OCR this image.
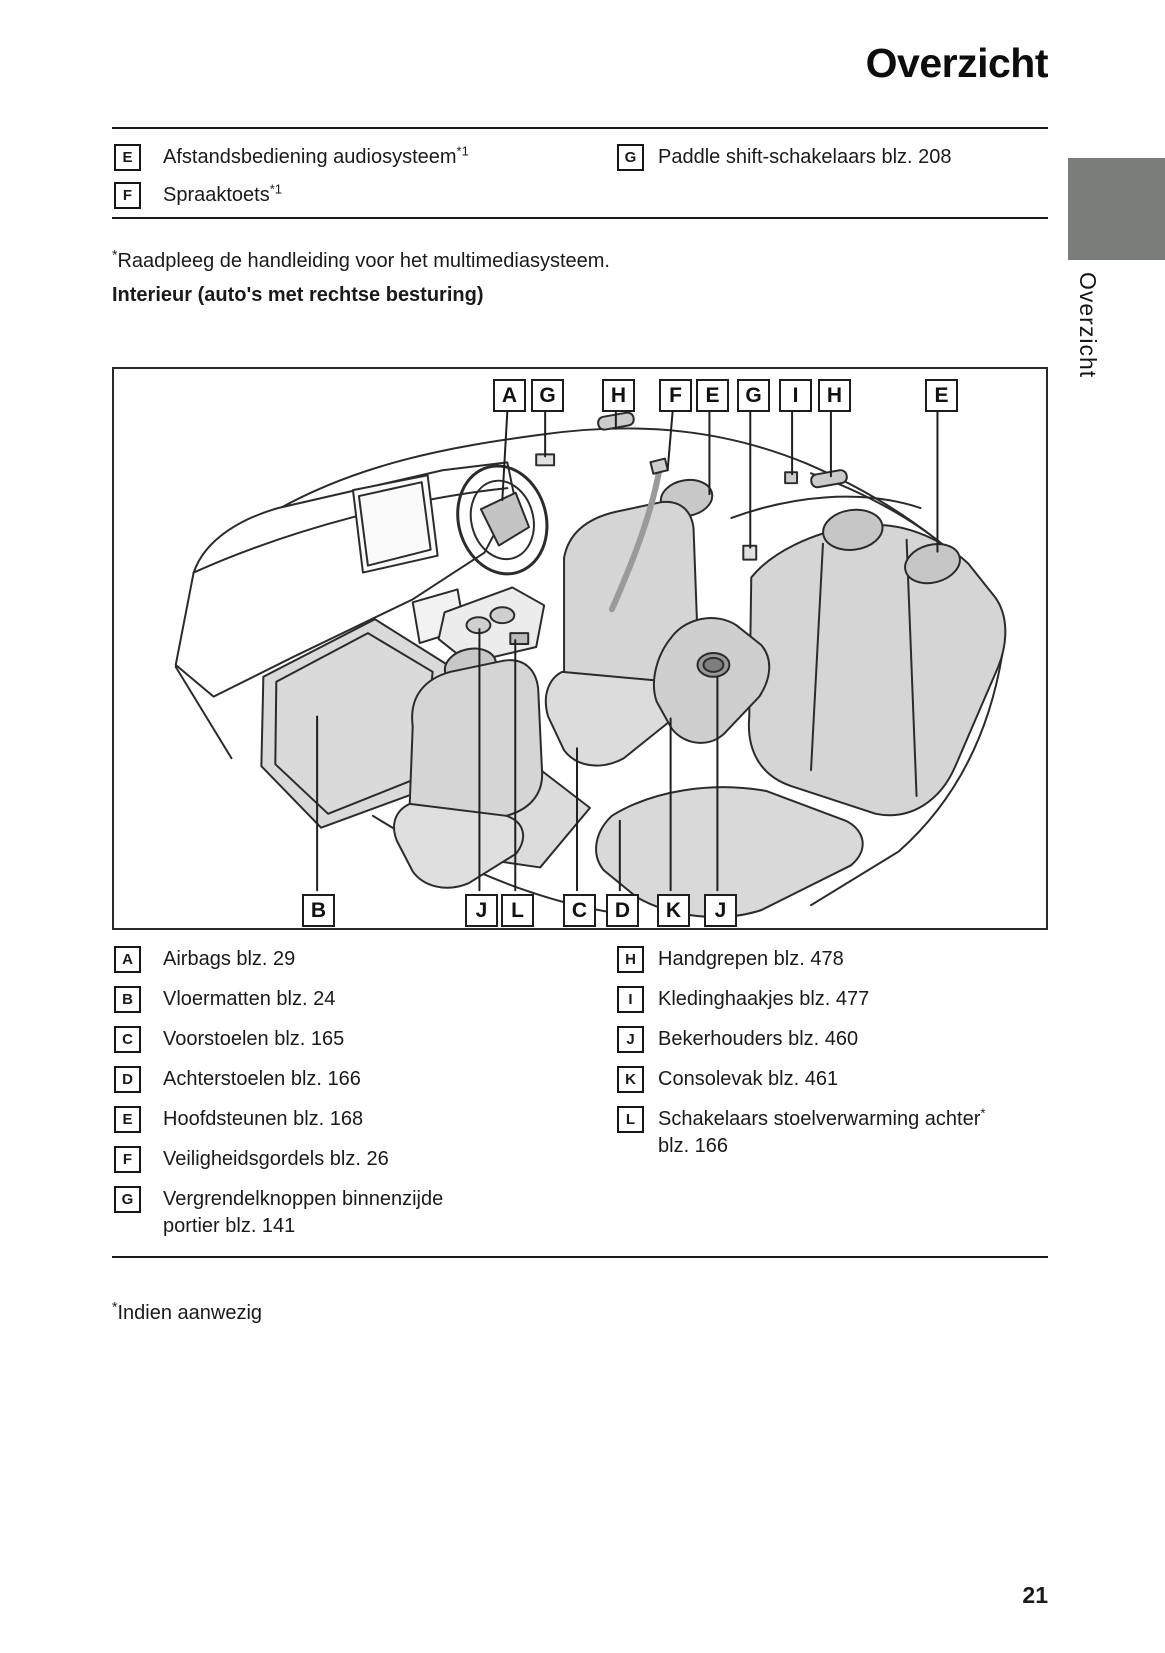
Overzicht
E Afstandsbediening audiosysteem$^{*1}$	G Paddle shift-schakelaars blz. 208
F Spraaktoets$^{*1}$

*Raadpleeg de handleiding voor het multimediasysteem.

Interieur (auto's met rechtse besturing)
A	G	H	F	E	G	I	H	E
B	J	L	C	D	K	J
A Airbags blz. 29
B Vloermatten blz. 24
C Voorstoelen blz. 165
D Achterstoelen blz. 166
E Hoofdsteunen blz. 168
F Veiligheidsgordels blz. 26
G Vergrendelknoppen binnenzijde
portier blz. 141
H Handgrepen blz. 478
I Kledinghaakjes blz. 477
J Bekerhouders blz. 460
K Consolevak blz. 461
L Schakelaars stoelverwarming achter*
blz. 166

*Indien aanwezig

21
Overzicht
